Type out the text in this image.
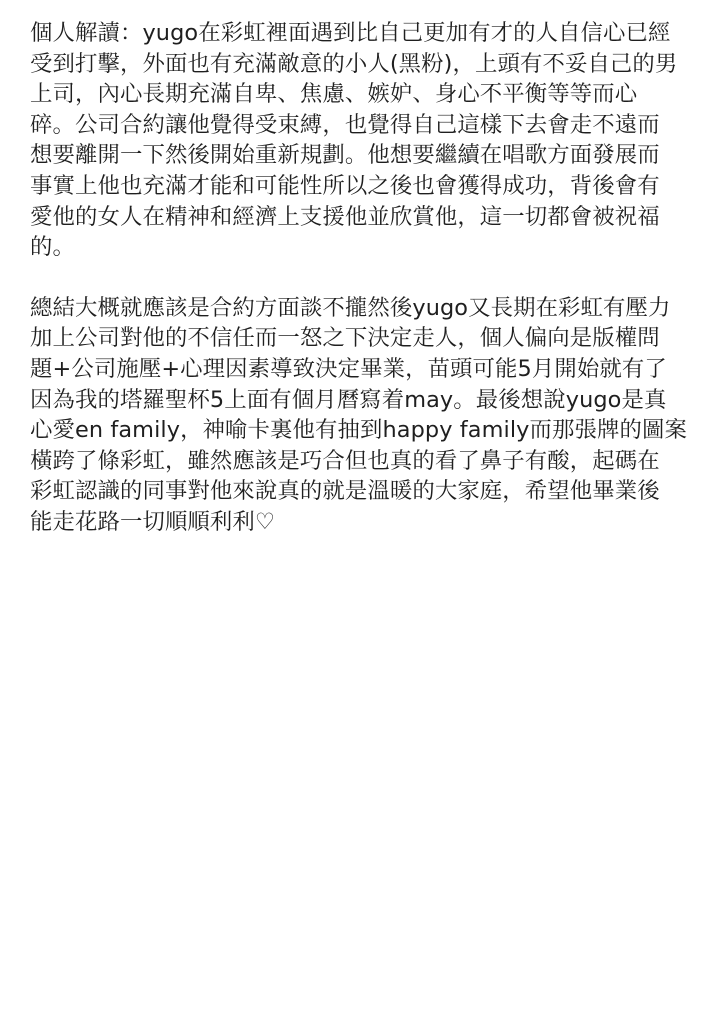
個人解讀：yugo在彩虹裡面遇到比自己更加有才的人自信心已經
受到打擊，外面也有充滿敵意的小人(黑粉)，上頭有不妥自己的男
上司，內心長期充滿自卑、焦慮、嫉妒、身心不平衡等等而心
碎。公司合約讓他覺得受束縛，也覺得自己這樣下去會走不遠而
想要離開一下然後開始重新規劃。他想要繼續在唱歌方面發展而
事實上他也充滿才能和可能性所以之後也會獲得成功，背後會有
愛他的女人在精神和經濟上支援他並欣賞他，這一切都會被祝福
的。
總結大概就應該是合約方面談不攏然後yugo又長期在彩虹有壓力
加上公司對他的不信任而一怒之下決定走人，個人偏向是版權問
題+公司施壓+心理因素導致決定畢業，苗頭可能5月開始就有了
因為我的塔羅聖杯5上面有個月曆寫着may。最後想說yugo是真
心愛en family，神喻卡裏他有抽到happy family而那張牌的圖案
橫跨了條彩虹，雖然應該是巧合但也真的看了鼻子有酸，起碼在
彩虹認識的同事對他來說真的就是溫暖的大家庭，希望他畢業後
能走花路一切順順利利♡
